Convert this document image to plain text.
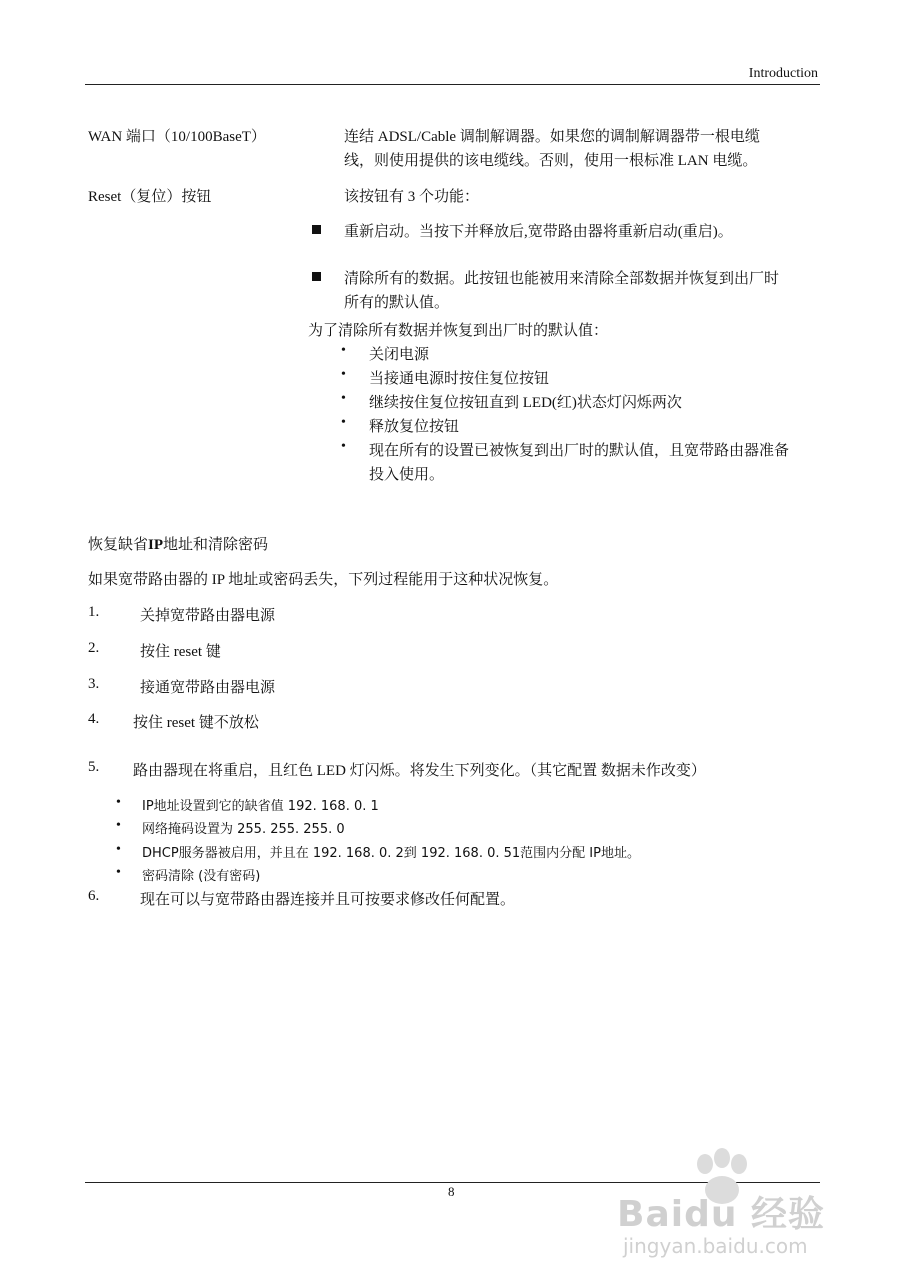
Introduction
WAN 端口（10/100BaseT）	连结 ADSL/Cable 调制解调器。如果您的调制解调器带一根电缆
线，则使用提供的该电缆线。否则，使用一根标准 LAN 电缆。
Reset（复位）按钮	该按钮有 3 个功能：
重新启动。当按下并释放后,宽带路由器将重新启动(重启)。
清除所有的数据。此按钮也能被用来清除全部数据并恢复到出厂时
所有的默认值。
为了清除所有数据并恢复到出厂时的默认值：
• 关闭电源
• 当接通电源时按住复位按钮
• 继续按住复位按钮直到 LED(红)状态灯闪烁两次
• 释放复位按钮
• 现在所有的设置已被恢复到出厂时的默认值，且宽带路由器准备
投入使用。
恢复缺省IP地址和清除密码
如果宽带路由器的 IP 地址或密码丢失，下列过程能用于这种状况恢复。
1.	关掉宽带路由器电源
2.	按住 reset 键
3.	接通宽带路由器电源
4. 按住 reset 键不放松
5. 路由器现在将重启，且红色 LED 灯闪烁。将发生下列变化。（其它配置 数据未作改变）
• IP地址设置到它的缺省值 192. 168. 0. 1
• 网络掩码设置为 255. 255. 255. 0
• DHCP服务器被启用，并且在 192. 168. 0. 2到 192. 168. 0. 51范围内分配 IP地址。
• 密码清除 (没有密码)
6.	现在可以与宽带路由器连接并且可按要求修改任何配置。
8
Baidu 经验
jingyan.baidu.com
